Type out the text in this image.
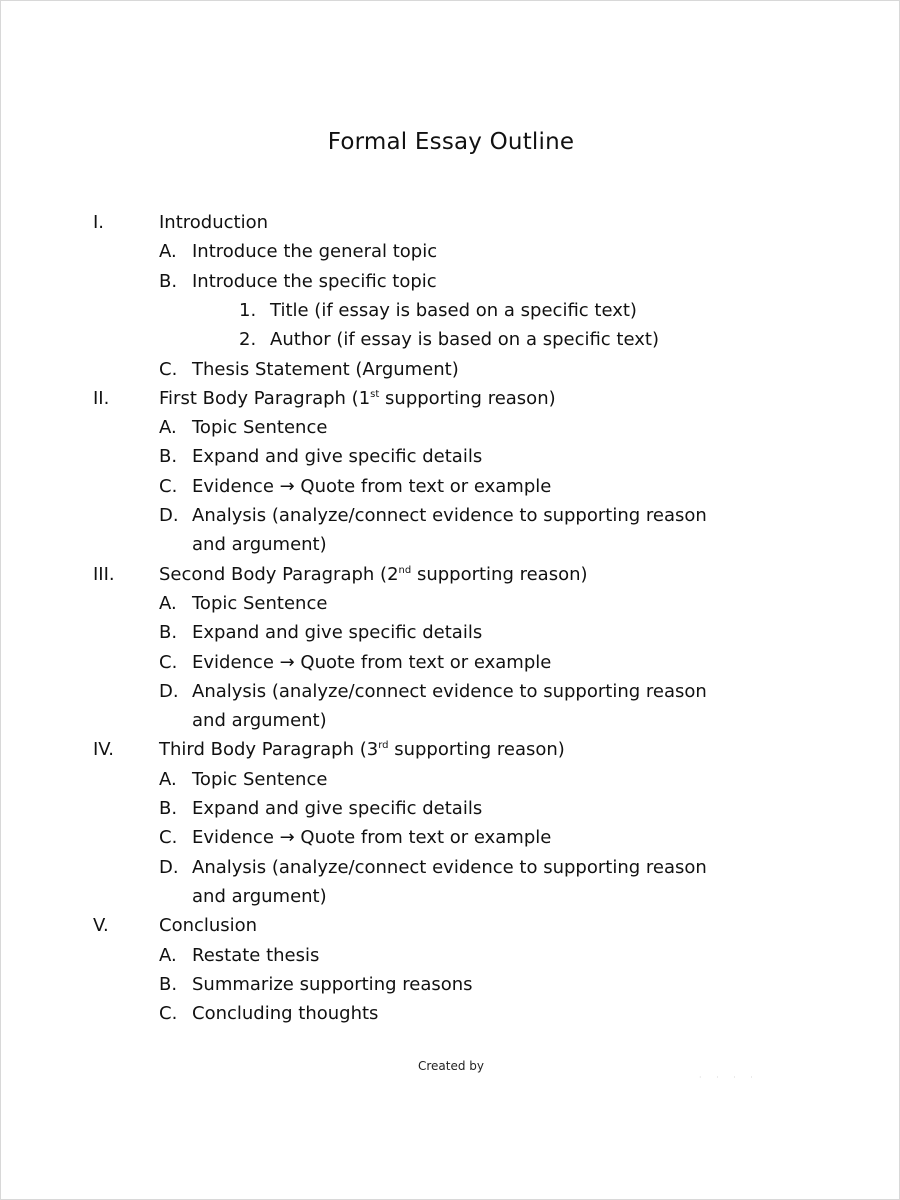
Formal Essay Outline
I.	Introduction
A. Introduce the general topic
B. Introduce the specific topic
1. Title (if essay is based on a specific text)
2. Author (if essay is based on a specific text)
C. Thesis Statement (Argument)
II.	First Body Paragraph (1st supporting reason)
A. Topic Sentence
B. Expand and give specific details
C. Evidence → Quote from text or example
D. Analysis (analyze/connect evidence to supporting reason
and argument)
III. Second Body Paragraph (2nd supporting reason)
A. Topic Sentence
B. Expand and give specific details
C. Evidence → Quote from text or example
D. Analysis (analyze/connect evidence to supporting reason
and argument)
IV. Third Body Paragraph (3rd supporting reason)
A. Topic Sentence
B. Expand and give specific details
C. Evidence → Quote from text or example
D. Analysis (analyze/connect evidence to supporting reason
and argument)
V.	Conclusion
A. Restate thesis
B. Summarize supporting reasons
C. Concluding thoughts
Created by
· · · ·
